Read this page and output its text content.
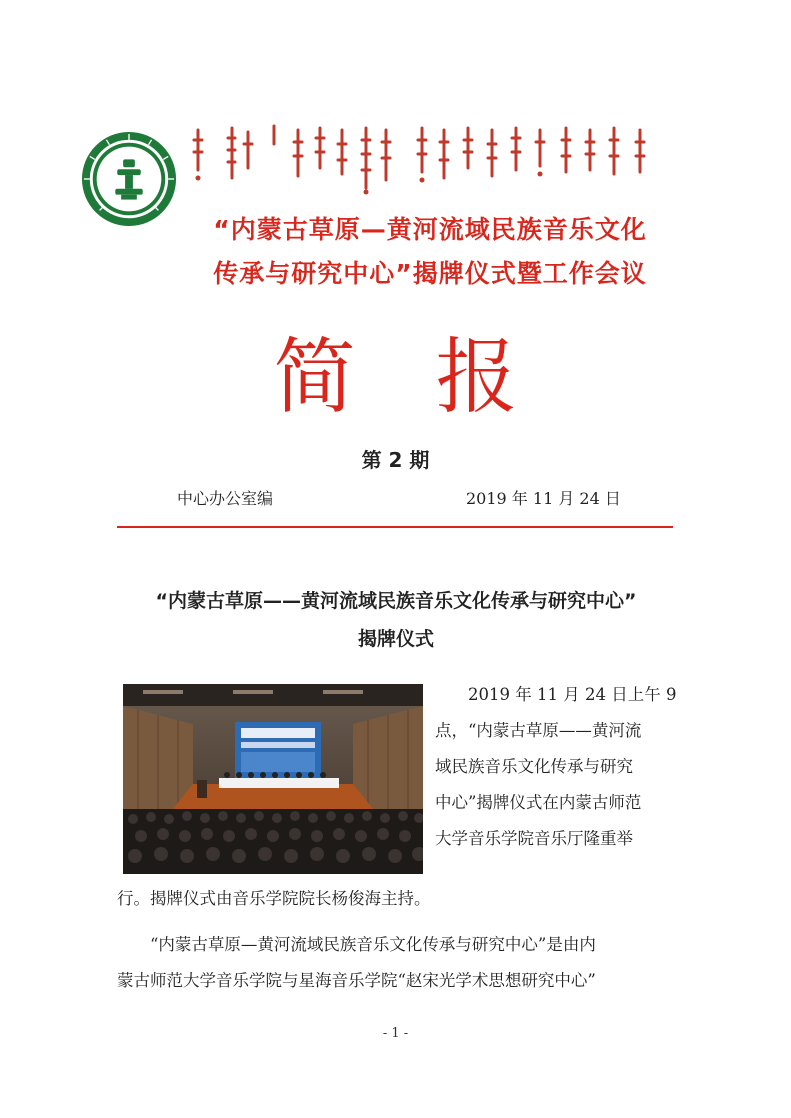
“内蒙古草原—黄河流域民族音乐文化
传承与研究中心”揭牌仪式暨工作会议
简 报
第 2 期
中心办公室编	2019 年 11 月 24 日
“内蒙古草原——黄河流域民族音乐文化传承与研究中心”
揭牌仪式
2019 年 11 月 24 日上午 9
点，“内蒙古草原——黄河流
域民族音乐文化传承与研究
中心”揭牌仪式在内蒙古师范
大学音乐学院音乐厅隆重举
行。揭牌仪式由音乐学院院长杨俊海主持。
“内蒙古草原—黄河流域民族音乐文化传承与研究中心”是由内
蒙古师范大学音乐学院与星海音乐学院“赵宋光学术思想研究中心”
- 1 -
